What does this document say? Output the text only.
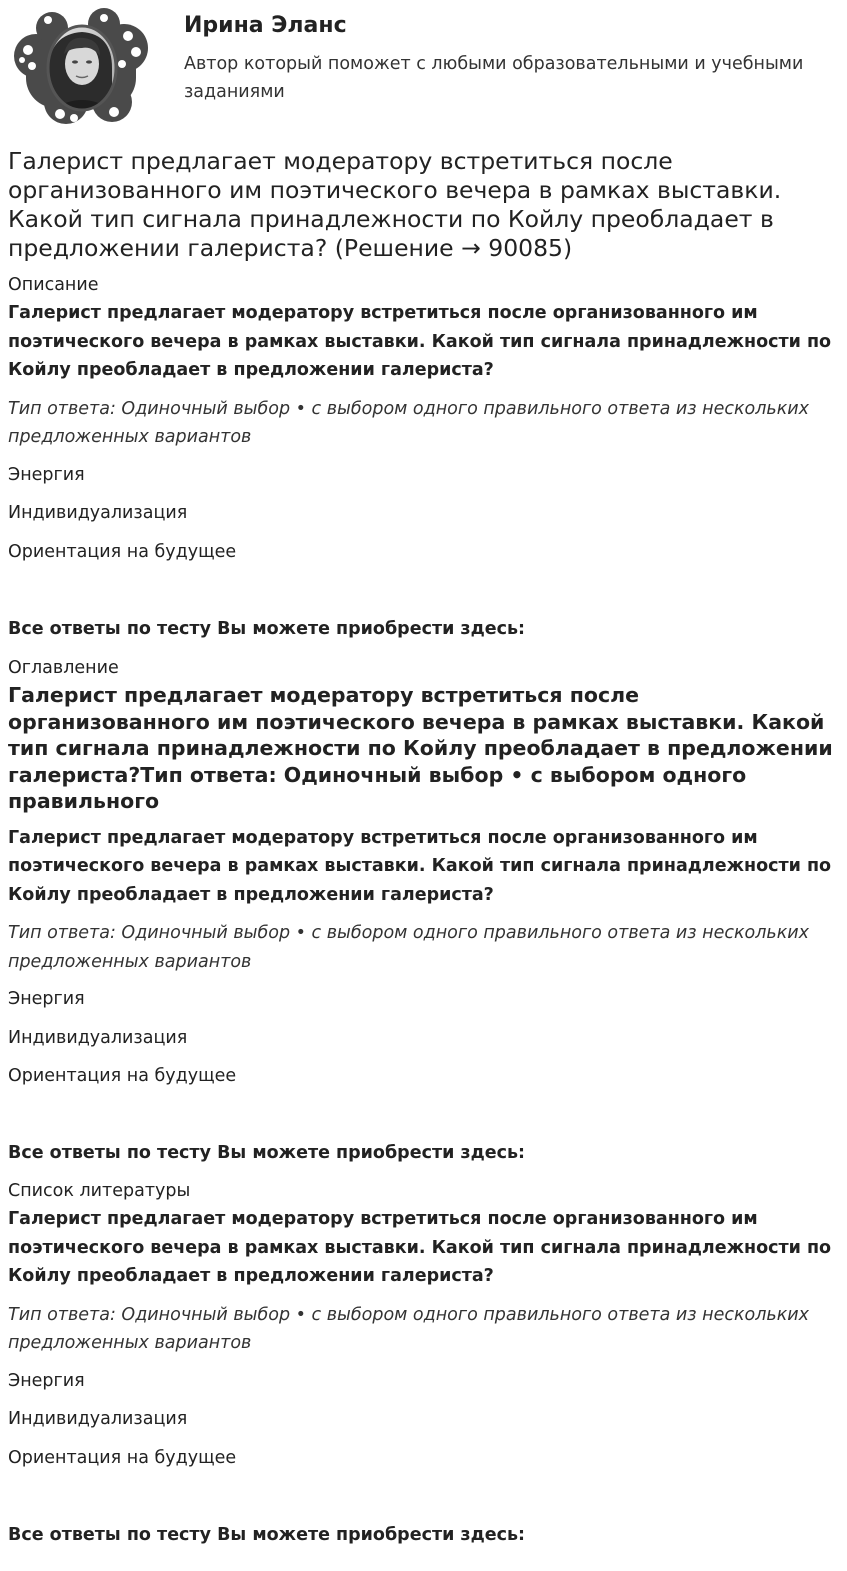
Ирина Эланс
Автор который поможет с любыми образовательными и учебными заданиями
Галерист предлагает модератору встретиться после организованного им поэтического вечера в рамках выставки. Какой тип сигнала принадлежности по Койлу преобладает в предложении галериста? (Решение → 90085)

Описание

Галерист предлагает модератору встретиться после организованного им поэтического вечера в рамках выставки. Какой тип сигнала принадлежности по Койлу преобладает в предложении галериста?

Тип ответа: Одиночный выбор • с выбором одного правильного ответа из нескольких предложенных вариантов

Энергия

Индивидуализация

Ориентация на будущее

Все ответы по тесту Вы можете приобрести здесь:

Оглавление

Галерист предлагает модератору встретиться после организованного им поэтического вечера в рамках выставки. Какой тип сигнала принадлежности по Койлу преобладает в предложении галериста?Тип ответа: Одиночный выбор • с выбором одного правильного

Галерист предлагает модератору встретиться после организованного им поэтического вечера в рамках выставки. Какой тип сигнала принадлежности по Койлу преобладает в предложении галериста?

Тип ответа: Одиночный выбор • с выбором одного правильного ответа из нескольких предложенных вариантов

Энергия

Индивидуализация

Ориентация на будущее

Все ответы по тесту Вы можете приобрести здесь:

Список литературы

Галерист предлагает модератору встретиться после организованного им поэтического вечера в рамках выставки. Какой тип сигнала принадлежности по Койлу преобладает в предложении галериста?

Тип ответа: Одиночный выбор • с выбором одного правильного ответа из нескольких предложенных вариантов

Энергия

Индивидуализация

Ориентация на будущее

Все ответы по тесту Вы можете приобрести здесь:
